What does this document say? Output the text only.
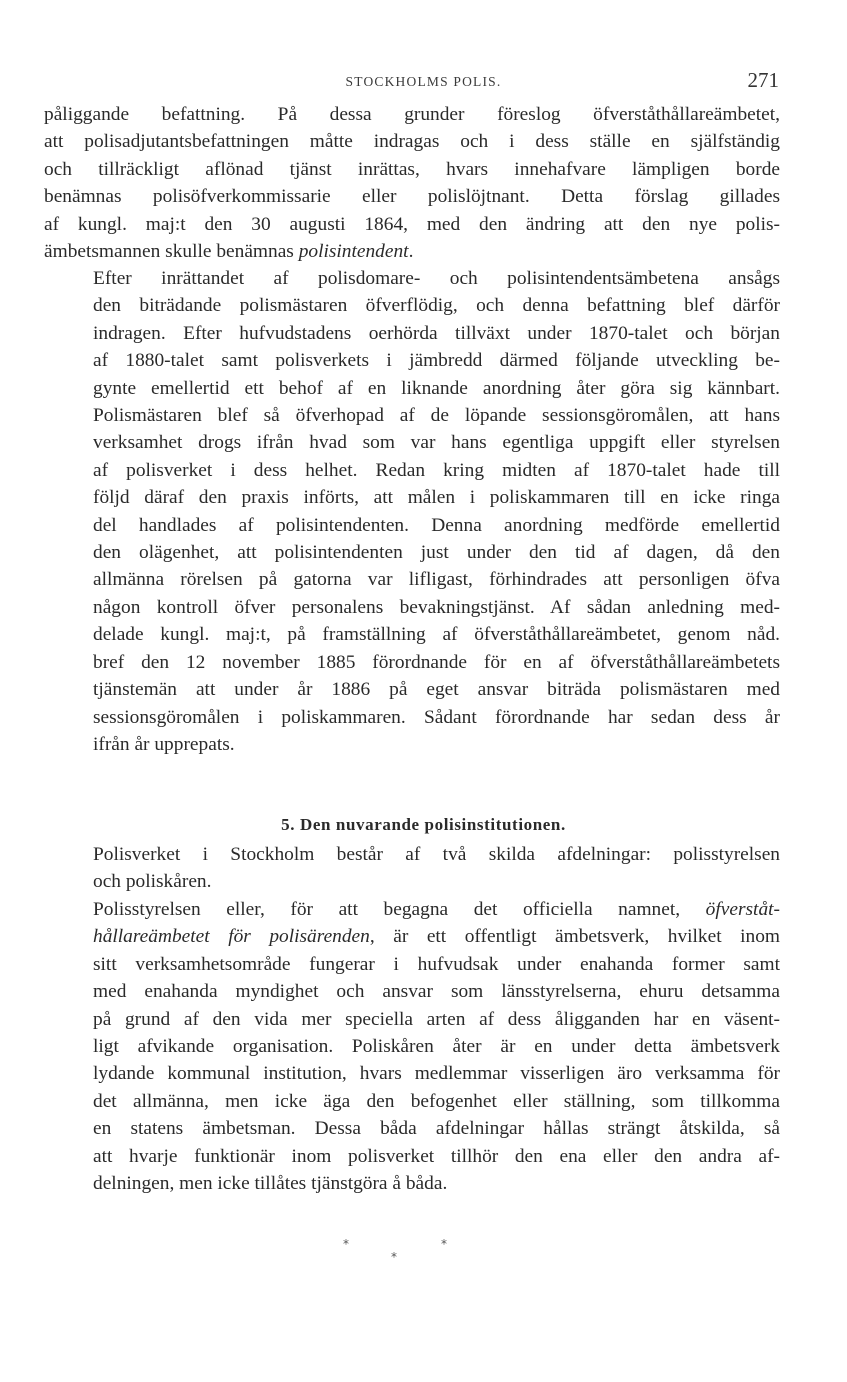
STOCKHOLMS POLIS.	271
påliggande befattning. På dessa grunder föreslog öfverståthållareämbetet,
att polisadjutantsbefattningen måtte indragas och i dess ställe en själfständig
och tillräckligt aflönad tjänst inrättas, hvars innehafvare lämpligen borde
benämnas polisöfverkommissarie eller polislöjtnant. Detta förslag gillades
af kungl. maj:t den 30 augusti 1864, med den ändring att den nye polis-
ämbetsmannen skulle benämnas polisintendent.
Efter inrättandet af polisdomare- och polisintendentsämbetena ansågs
den biträdande polismästaren öfverflödig, och denna befattning blef därför
indragen. Efter hufvudstadens oerhörda tillväxt under 1870-talet och början
af 1880-talet samt polisverkets i jämbredd därmed följande utveckling be-
gynte emellertid ett behof af en liknande anordning åter göra sig kännbart.
Polismästaren blef så öfverhopad af de löpande sessionsgöromålen, att hans
verksamhet drogs ifrån hvad som var hans egentliga uppgift eller styrelsen
af polisverket i dess helhet. Redan kring midten af 1870-talet hade till
följd däraf den praxis införts, att målen i poliskammaren till en icke ringa
del handlades af polisintendenten. Denna anordning medförde emellertid
den olägenhet, att polisintendenten just under den tid af dagen, då den
allmänna rörelsen på gatorna var lifligast, förhindrades att personligen öfva
någon kontroll öfver personalens bevakningstjänst. Af sådan anledning med-
delade kungl. maj:t, på framställning af öfverståthållareämbetet, genom nåd.
bref den 12 november 1885 förordnande för en af öfverståthållareämbetets
tjänstemän att under år 1886 på eget ansvar biträda polismästaren med
sessionsgöromålen i poliskammaren. Sådant förordnande har sedan dess år
ifrån år upprepats.
5. Den nuvarande polisinstitutionen.
Polisverket i Stockholm består af två skilda afdelningar: polisstyrelsen
och poliskåren.
Polisstyrelsen eller, för att begagna det officiella namnet, öfverståt-
hållareämbetet för polisärenden, är ett offentligt ämbetsverk, hvilket inom
sitt verksamhetsområde fungerar i hufvudsak under enahanda former samt
med enahanda myndighet och ansvar som länsstyrelserna, ehuru detsamma
på grund af den vida mer speciella arten af dess åligganden har en väsent-
ligt afvikande organisation. Poliskåren åter är en under detta ämbetsverk
lydande kommunal institution, hvars medlemmar visserligen äro verksamma för
det allmänna, men icke äga den befogenhet eller ställning, som tillkomma
en statens ämbetsman. Dessa båda afdelningar hållas strängt åtskilda, så
att hvarje funktionär inom polisverket tillhör den ena eller den andra af-
delningen, men icke tillåtes tjänstgöra å båda.
*	*
*
